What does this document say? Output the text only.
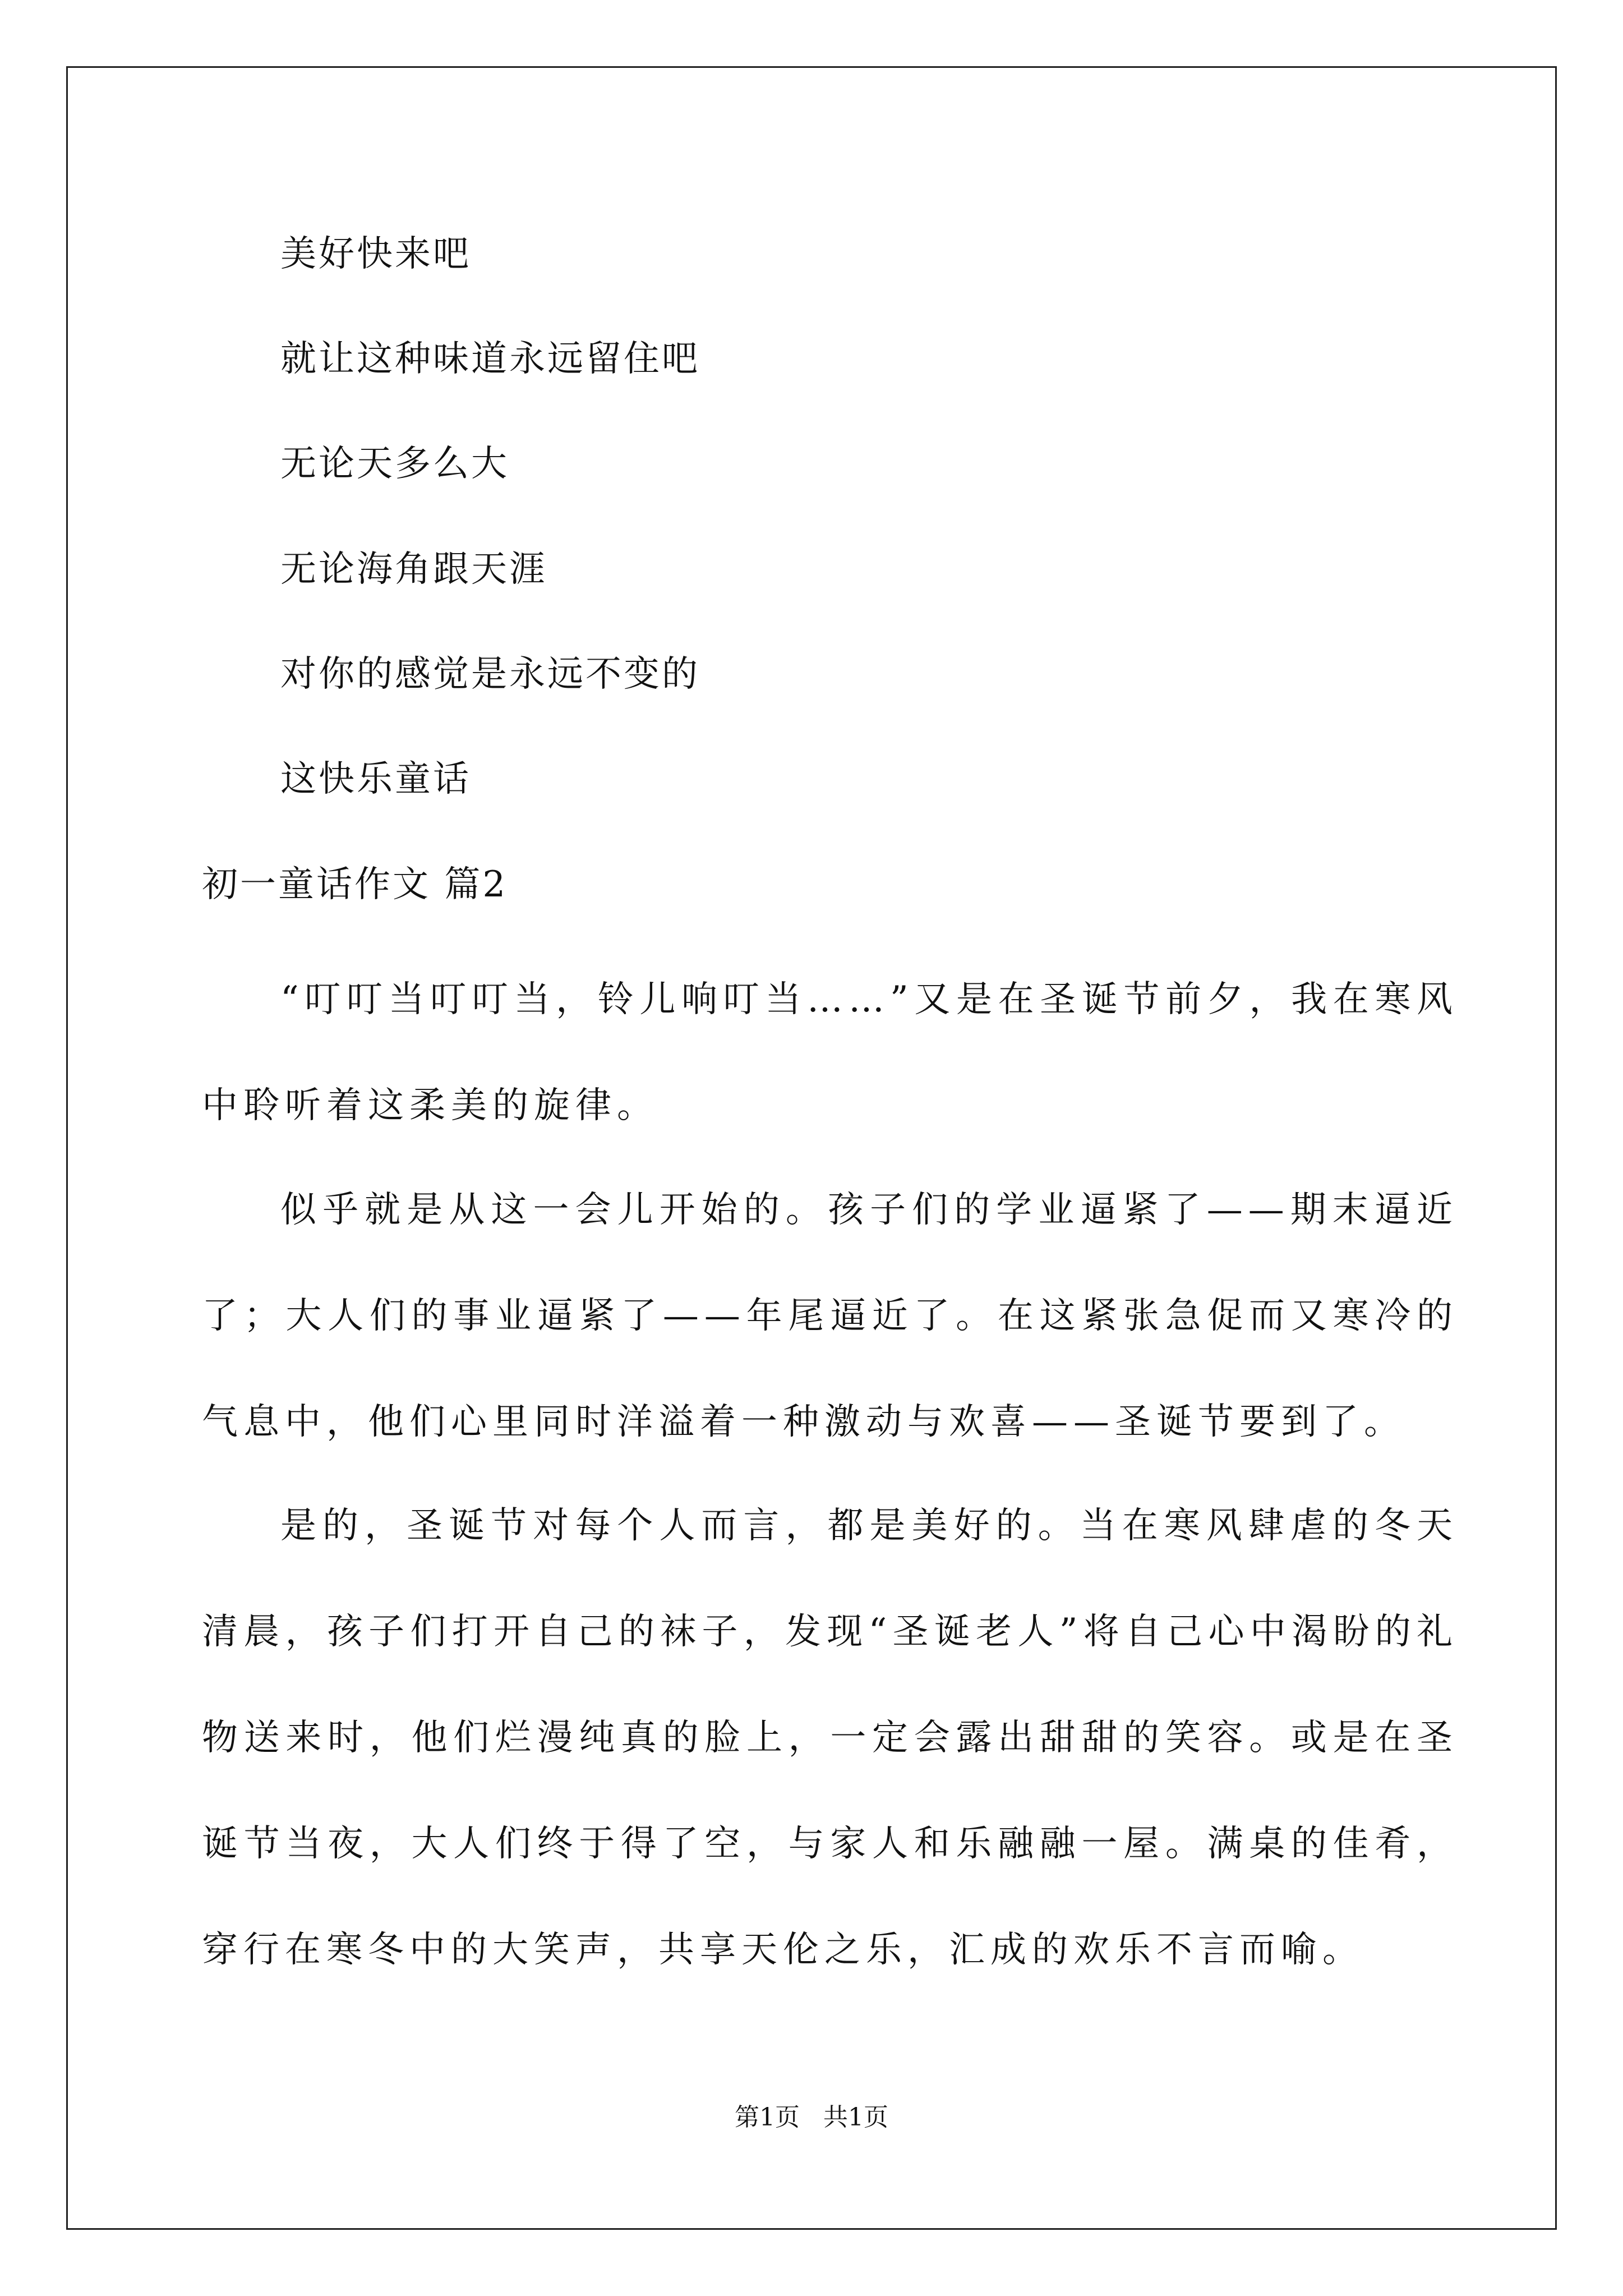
美好快来吧
就让这种味道永远留住吧
无论天多么大
无论海角跟天涯
对你的感觉是永远不变的
这快乐童话
初一童话作文 篇2
“叮叮当叮叮当，铃儿响叮当……”又是在圣诞节前夕，我在寒风中聆听着这柔美的旋律。
似乎就是从这一会儿开始的。孩子们的学业逼紧了——期末逼近了；大人们的事业逼紧了——年尾逼近了。在这紧张急促而又寒冷的气息中，他们心里同时洋溢着一种激动与欢喜——圣诞节要到了。
是的，圣诞节对每个人而言，都是美好的。当在寒风肆虐的冬天清晨，孩子们打开自己的袜子，发现“圣诞老人”将自己心中渴盼的礼物送来时，他们烂漫纯真的脸上，一定会露出甜甜的笑容。或是在圣诞节当夜，大人们终于得了空，与家人和乐融融一屋。满桌的佳肴，穿行在寒冬中的大笑声，共享天伦之乐，汇成的欢乐不言而喻。
第1页   共1页
